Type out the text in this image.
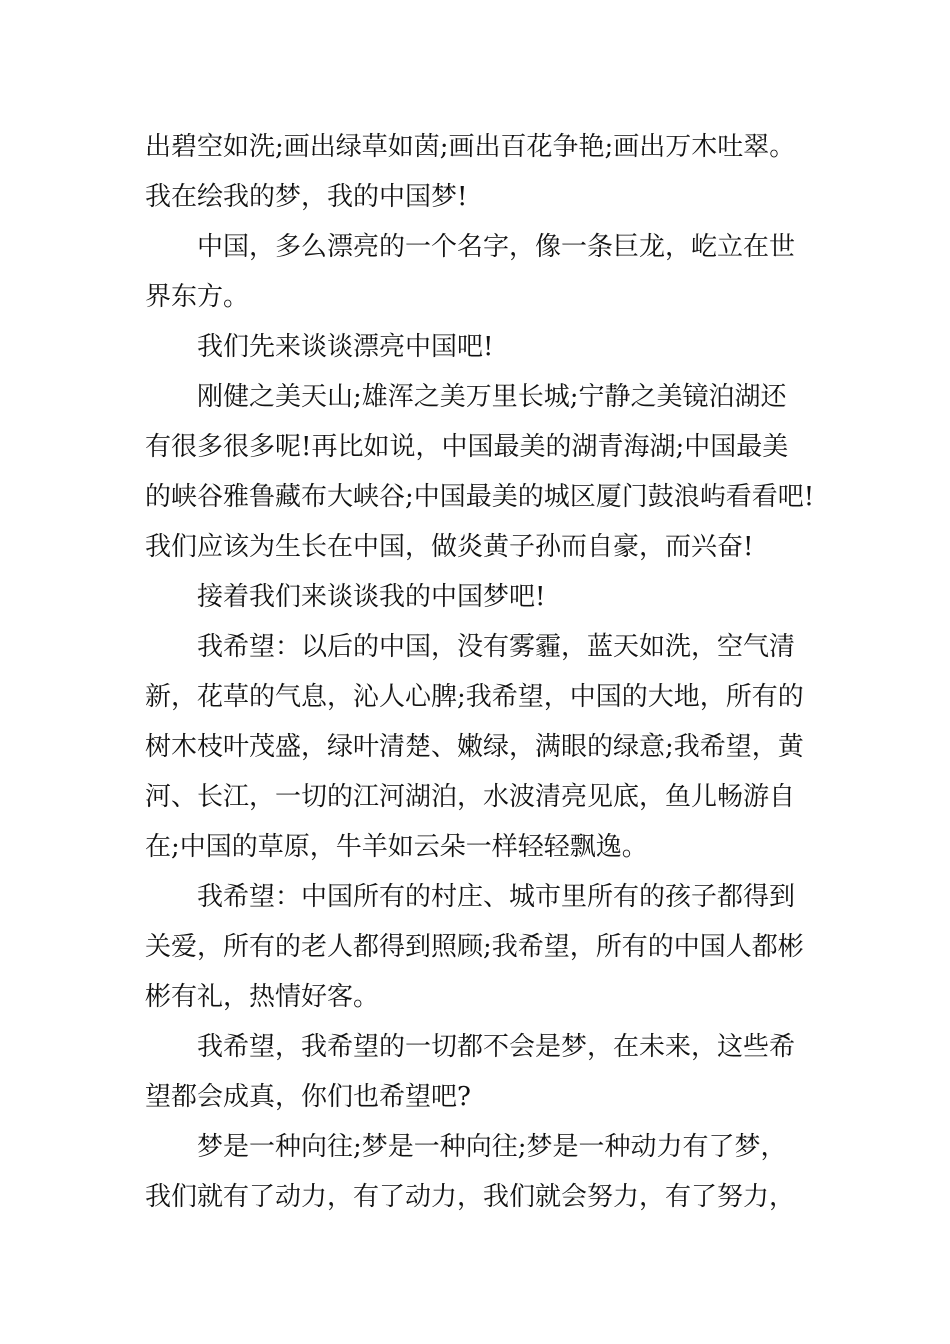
出碧空如洗;画出绿草如茵;画出百花争艳;画出万木吐翠。
我在绘我的梦，我的中国梦!
中国，多么漂亮的一个名字，像一条巨龙，屹立在世
界东方。
我们先来谈谈漂亮中国吧!
刚健之美天山;雄浑之美万里长城;宁静之美镜泊湖还
有很多很多呢!再比如说，中国最美的湖青海湖;中国最美
的峡谷雅鲁藏布大峡谷;中国最美的城区厦门鼓浪屿看看吧!
我们应该为生长在中国，做炎黄子孙而自豪，而兴奋!
接着我们来谈谈我的中国梦吧!
我希望：以后的中国，没有雾霾，蓝天如洗，空气清
新，花草的气息，沁人心脾;我希望，中国的大地，所有的
树木枝叶茂盛，绿叶清楚、嫩绿，满眼的绿意;我希望，黄
河、长江，一切的江河湖泊，水波清亮见底，鱼儿畅游自
在;中国的草原，牛羊如云朵一样轻轻飘逸。
我希望：中国所有的村庄、城市里所有的孩子都得到
关爱，所有的老人都得到照顾;我希望，所有的中国人都彬
彬有礼，热情好客。
我希望，我希望的一切都不会是梦，在未来，这些希
望都会成真，你们也希望吧?
梦是一种向往;梦是一种向往;梦是一种动力有了梦，
我们就有了动力，有了动力，我们就会努力，有了努力，
